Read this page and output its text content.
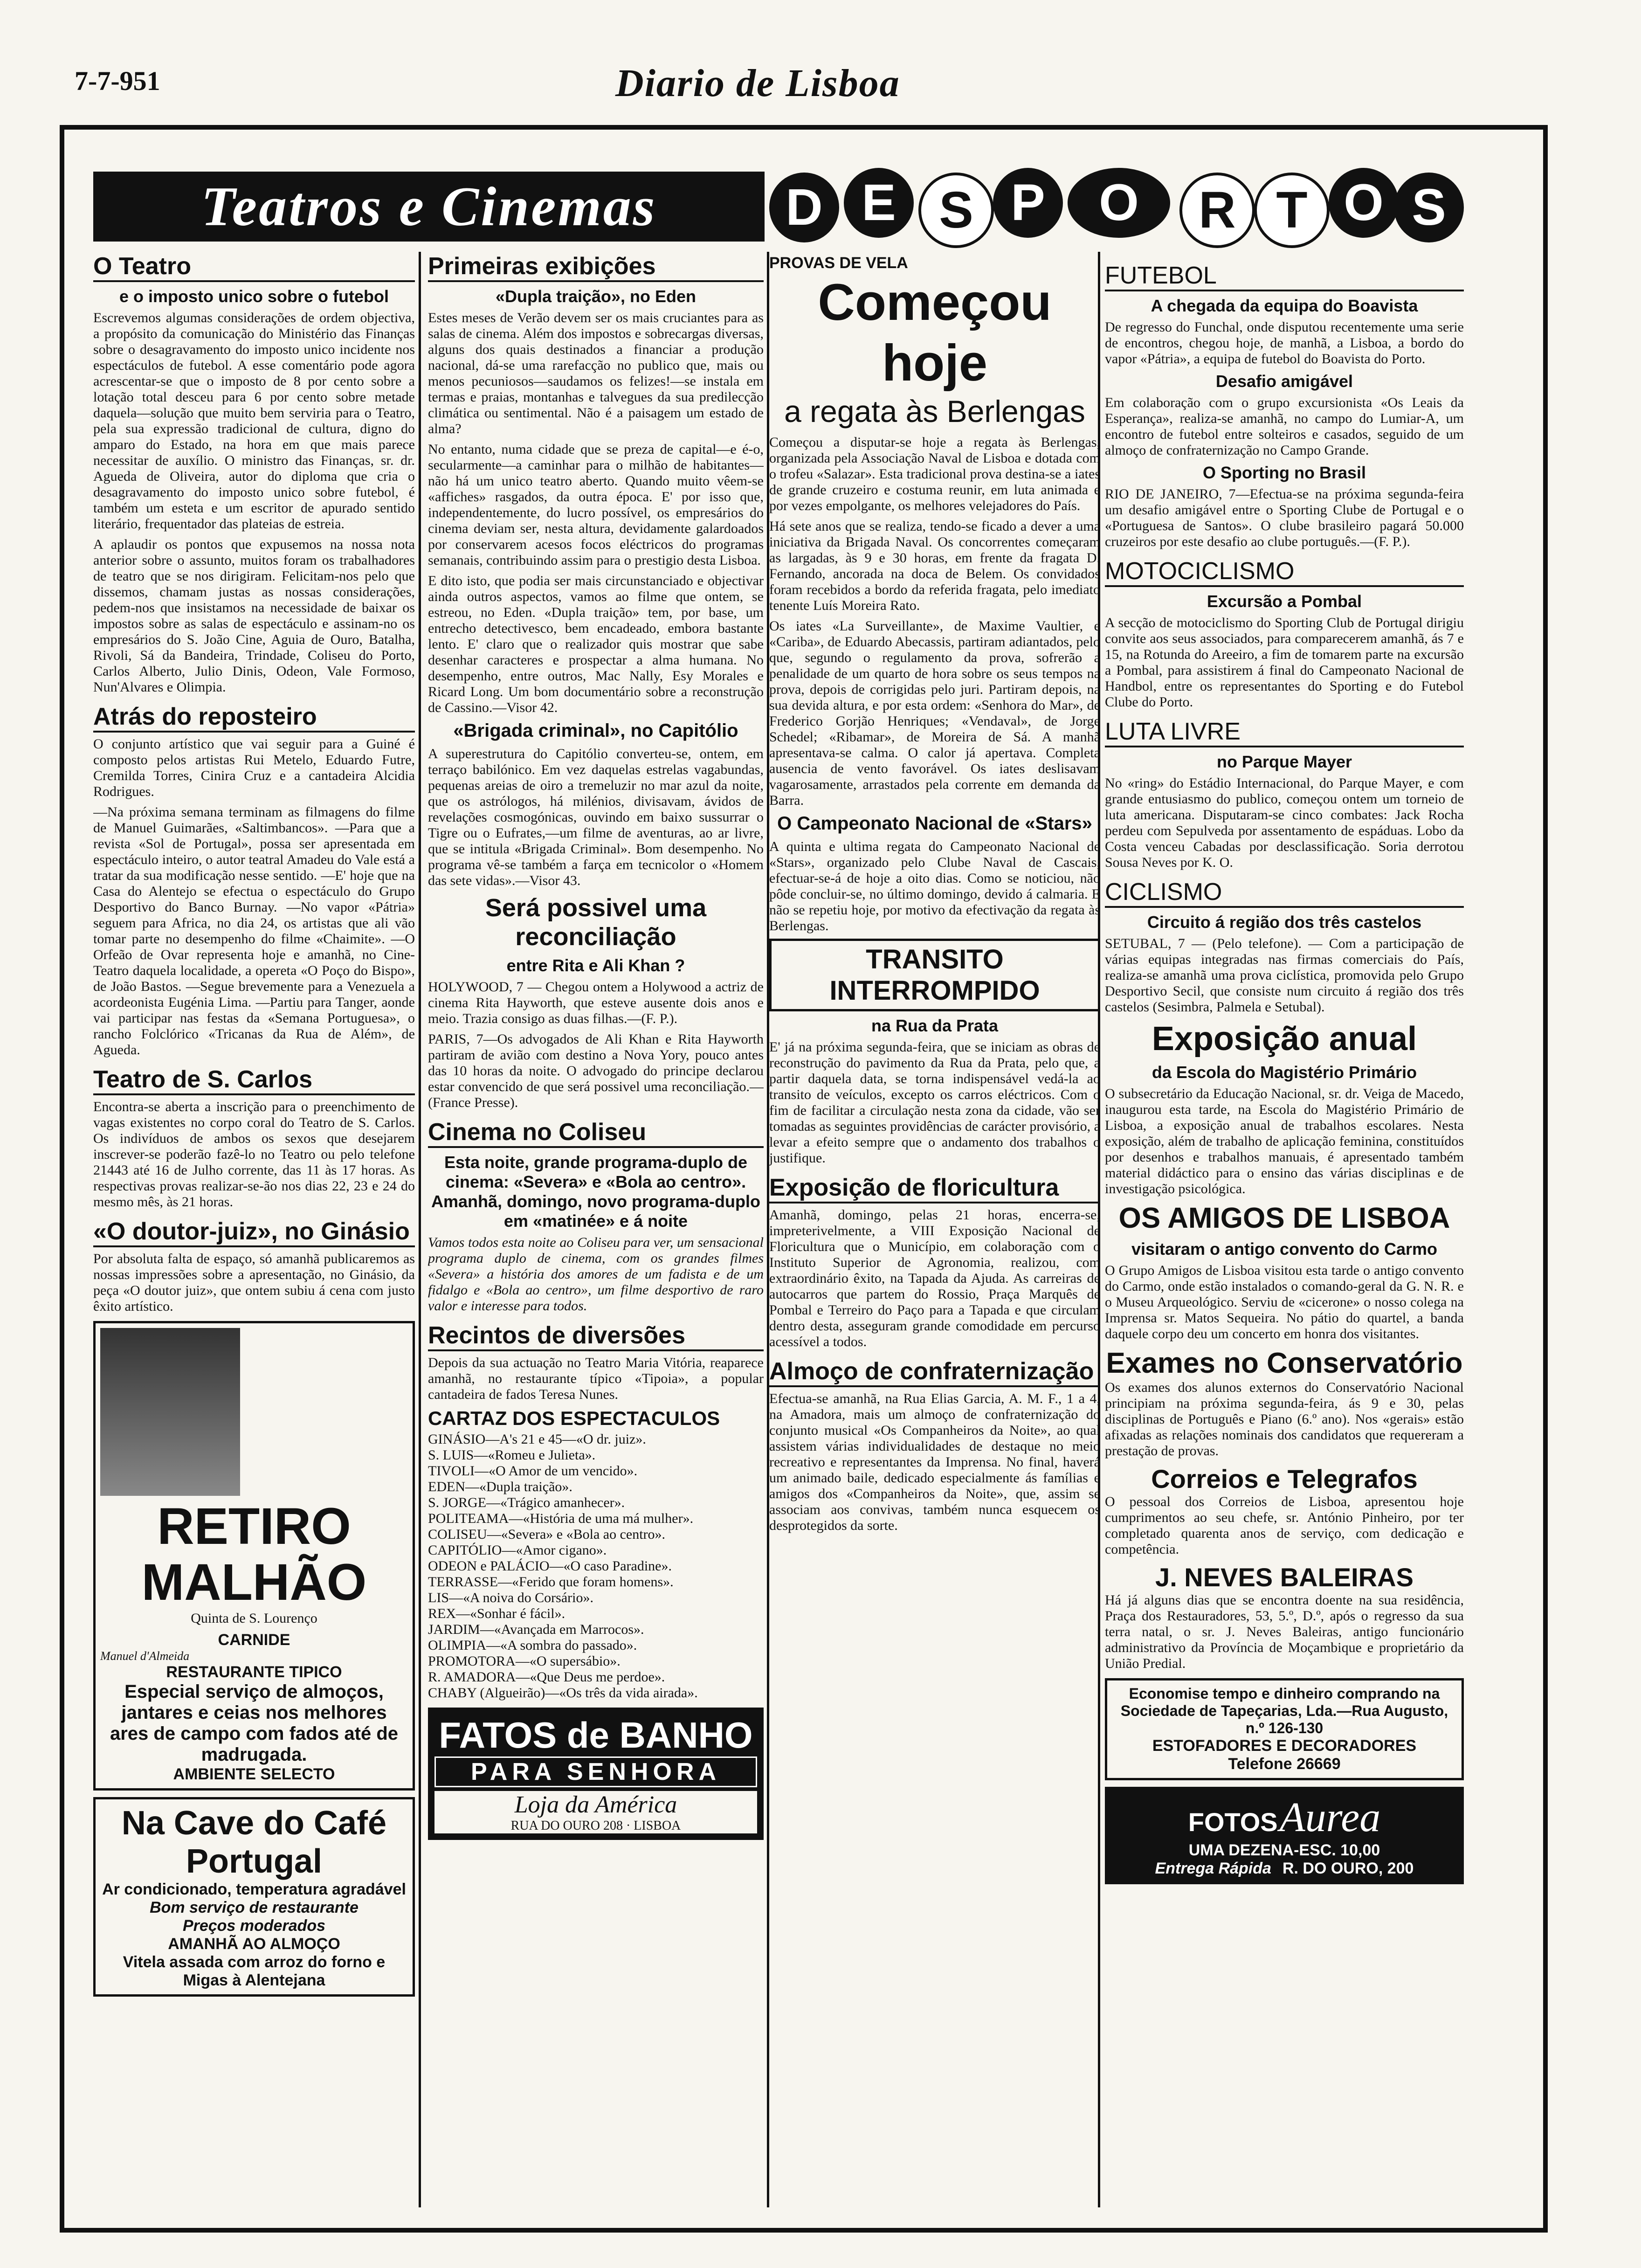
7-7-951	Diario de Lisboa
Teatros e Cinemas	D E S P	O	R T O S
O Teatro
e o imposto unico sobre o futebol

Escrevemos algumas considerações de ordem objectiva, a propósito da comunicação do Ministério das Finanças sobre o desagravamento do imposto unico incidente nos espectáculos de futebol. A esse comentário pode agora acrescentar-se que o imposto de 8 por cento sobre a lotação total desceu para 6 por cento sobre metade daquela—solução que muito bem serviria para o Teatro, pela sua expressão tradicional de cultura, digno do amparo do Estado, na hora em que mais parece necessitar de auxílio. O ministro das Finanças, sr. dr. Agueda de Oliveira, autor do diploma que cria o desagravamento do imposto unico sobre futebol, é também um esteta e um escritor de apurado sentido literário, frequentador das plateias de estreia.

A aplaudir os pontos que expusemos na nossa nota anterior sobre o assunto, muitos foram os trabalhadores de teatro que se nos dirigiram. Felicitam-nos pelo que dissemos, chamam justas as nossas considerações, pedem-nos que insistamos na necessidade de baixar os impostos sobre as salas de espectáculo e assinam-no os empresários do S. João Cine, Aguia de Ouro, Batalha, Rivoli, Sá da Bandeira, Trindade, Coliseu do Porto, Carlos Alberto, Julio Dinis, Odeon, Vale Formoso, Nun'Alvares e Olimpia.

Atrás do reposteiro

O conjunto artístico que vai seguir para a Guiné é composto pelos artistas Rui Metelo, Eduardo Futre, Cremilda Torres, Cinira Cruz e a cantadeira Alcidia Rodrigues.

—Na próxima semana terminam as filmagens do filme de Manuel Guimarães, «Saltimbancos». —Para que a revista «Sol de Portugal», possa ser apresentada em espectáculo inteiro, o autor teatral Amadeu do Vale está a tratar da sua modificação nesse sentido. —E' hoje que na Casa do Alentejo se efectua o espectáculo do Grupo Desportivo do Banco Burnay. —No vapor «Pátria» seguem para Africa, no dia 24, os artistas que ali vão tomar parte no desempenho do filme «Chaimite». —O Orfeão de Ovar representa hoje e amanhã, no Cine-Teatro daquela localidade, a opereta «O Poço do Bispo», de João Bastos. —Segue brevemente para a Venezuela a acordeonista Eugénia Lima. —Partiu para Tanger, aonde vai participar nas festas da «Semana Portuguesa», o rancho Folclórico «Tricanas da Rua de Além», de Agueda.

Teatro de S. Carlos

Encontra-se aberta a inscrição para o preenchimento de vagas existentes no corpo coral do Teatro de S. Carlos. Os indivíduos de ambos os sexos que desejarem inscrever-se poderão fazê-lo no Teatro ou pelo telefone 21443 até 16 de Julho corrente, das 11 às 17 horas. As respectivas provas realizar-se-ão nos dias 22, 23 e 24 do mesmo mês, às 21 horas.

«O doutor-juiz», no Ginásio

Por absoluta falta de espaço, só amanhã publicaremos as nossas impressões sobre a apresentação, no Ginásio, da peça «O doutor juiz», que ontem subiu á cena com justo êxito artístico.

RETIRO
MALHÃO
Quinta de S. Lourenço
CARNIDE
Manuel d'Almeida
RESTAURANTE TIPICO
Especial serviço de almoços, jantares e ceias nos melhores ares de campo com fados até de madrugada.
AMBIENTE SELECTO
Na Cave do Café Portugal
Ar condicionado, temperatura agradável
Bom serviço de restaurante
Preços moderados
AMANHÃ AO ALMOÇO
Vitela assada com arroz do forno e Migas à Alentejana
Primeiras exibições
«Dupla traição», no Eden

Estes meses de Verão devem ser os mais cruciantes para as salas de cinema. Além dos impostos e sobrecargas diversas, alguns dos quais destinados a financiar a produção nacional, dá-se uma rarefacção no publico que, mais ou menos pecuniosos—saudamos os felizes!—se instala em termas e praias, montanhas e talvegues da sua predilecção climática ou sentimental. Não é a paisagem um estado de alma?

No entanto, numa cidade que se preza de capital—e é-o, secularmente—a caminhar para o milhão de habitantes—não há um unico teatro aberto. Quando muito vêem-se «affiches» rasgados, da outra época. E' por isso que, independentemente, do lucro possível, os empresários do cinema deviam ser, nesta altura, devidamente galardoados por conservarem acesos focos eléctricos do programas semanais, contribuindo assim para o prestigio desta Lisboa.

E dito isto, que podia ser mais circunstanciado e objectivar ainda outros aspectos, vamos ao filme que ontem, se estreou, no Eden. «Dupla traição» tem, por base, um entrecho detectivesco, bem encadeado, embora bastante lento. E' claro que o realizador quis mostrar que sabe desenhar caracteres e prospectar a alma humana. No desempenho, entre outros, Mac Nally, Esy Morales e Ricard Long. Um bom documentário sobre a reconstrução de Cassino.—Visor 42.

«Brigada criminal», no Capitólio

A superestrutura do Capitólio converteu-se, ontem, em terraço babilónico. Em vez daquelas estrelas vagabundas, pequenas areias de oiro a tremeluzir no mar azul da noite, que os astrólogos, há milénios, divisavam, ávidos de revelações cosmogónicas, ouvindo em baixo sussurrar o Tigre ou o Eufrates,—um filme de aventuras, ao ar livre, que se intitula «Brigada Criminal». Bom desempenho. No programa vê-se também a farça em tecnicolor o «Homem das sete vidas».—Visor 43.

Será possivel uma reconciliação
entre Rita e Ali Khan ?

HOLYWOOD, 7 — Chegou ontem a Holywood a actriz de cinema Rita Hayworth, que esteve ausente dois anos e meio. Trazia consigo as duas filhas.—(F. P.).

PARIS, 7—Os advogados de Ali Khan e Rita Hayworth partiram de avião com destino a Nova Yory, pouco antes das 10 horas da noite. O advogado do principe declarou estar convencido de que será possivel uma reconciliação.—(France Presse).

Cinema no Coliseu
Esta noite, grande programa-duplo de cinema: «Severa» e «Bola ao centro». Amanhã, domingo, novo programa-duplo em «matinée» e á noite

Vamos todos esta noite ao Coliseu para ver, um sensacional programa duplo de cinema, com os grandes filmes «Severa» a história dos amores de um fadista e de um fidalgo e «Bola ao centro», um filme desportivo de raro valor e interesse para todos.

Recintos de diversões

Depois da sua actuação no Teatro Maria Vitória, reaparece amanhã, no restaurante típico «Tipoia», a popular cantadeira de fados Teresa Nunes.

CARTAZ DOS ESPECTACULOS
GINÁSIO—A's 21 e 45—«O dr. juiz».
S. LUIS—«Romeu e Julieta».
TIVOLI—«O Amor de um vencido».
EDEN—«Dupla traição».
S. JORGE—«Trágico amanhecer».
POLITEAMA—«História de uma má mulher».
COLISEU—«Severa» e «Bola ao centro».
CAPITÓLIO—«Amor cigano».
ODEON e PALÁCIO—«O caso Paradine».
TERRASSE—«Ferido que foram homens».
LIS—«A noiva do Corsário».
REX—«Sonhar é fácil».
JARDIM—«Avançada em Marrocos».
OLIMPIA—«A sombra do passado».
PROMOTORA—«O supersábio».
R. AMADORA—«Que Deus me perdoe».
CHABY (Algueirão)—«Os três da vida airada».
FATOS de BANHO
PARA SENHORA
Loja da América
RUA DO OURO 208 · LISBOA
PROVAS DE VELA
Começou hoje
a regata às Berlengas

Começou a disputar-se hoje a regata às Berlengas, organizada pela Associação Naval de Lisboa e dotada com o trofeu «Salazar». Esta tradicional prova destina-se a iates de grande cruzeiro e costuma reunir, em luta animada e por vezes empolgante, os melhores velejadores do País.

Há sete anos que se realiza, tendo-se ficado a dever a uma iniciativa da Brigada Naval. Os concorrentes começaram as largadas, às 9 e 30 horas, em frente da fragata D. Fernando, ancorada na doca de Belem. Os convidados foram recebidos a bordo da referida fragata, pelo imediato tenente Luís Moreira Rato.

Os iates «La Surveillante», de Maxime Vaultier, e «Cariba», de Eduardo Abecassis, partiram adiantados, pelo que, segundo o regulamento da prova, sofrerão a penalidade de um quarto de hora sobre os seus tempos na prova, depois de corrigidas pelo juri. Partiram depois, na sua devida altura, e por esta ordem: «Senhora do Mar», de Frederico Gorjão Henriques; «Vendaval», de Jorge Schedel; «Ribamar», de Moreira de Sá. A manhã apresentava-se calma. O calor já apertava. Completa ausencia de vento favorável. Os iates deslisavam vagarosamente, arrastados pela corrente em demanda da Barra.

O Campeonato Nacional de «Stars»

A quinta e ultima regata do Campeonato Nacional de «Stars», organizado pelo Clube Naval de Cascais, efectuar-se-á de hoje a oito dias. Como se noticiou, não pôde concluir-se, no último domingo, devido á calmaria. E não se repetiu hoje, por motivo da efectivação da regata às Berlengas.

TRANSITO INTERROMPIDO
na Rua da Prata

E' já na próxima segunda-feira, que se iniciam as obras de reconstrução do pavimento da Rua da Prata, pelo que, a partir daquela data, se torna indispensável vedá-la ao transito de veículos, excepto os carros eléctricos. Com o fim de facilitar a circulação nesta zona da cidade, vão ser tomadas as seguintes providências de carácter provisório, a levar a efeito sempre que o andamento dos trabalhos o justifique.

Exposição de floricultura

Amanhã, domingo, pelas 21 horas, encerra-se, impreterivelmente, a VIII Exposição Nacional de Floricultura que o Município, em colaboração com o Instituto Superior de Agronomia, realizou, com extraordinário êxito, na Tapada da Ajuda. As carreiras de autocarros que partem do Rossio, Praça Marquês de Pombal e Terreiro do Paço para a Tapada e que circulam dentro desta, asseguram grande comodidade em percurso acessível a todos.

Almoço de confraternização

Efectua-se amanhã, na Rua Elias Garcia, A. M. F., 1 a 4, na Amadora, mais um almoço de confraternização do conjunto musical «Os Companheiros da Noite», ao qual assistem várias individualidades de destaque no meio recreativo e representantes da Imprensa. No final, haverá um animado baile, dedicado especialmente ás famílias e amigos dos «Companheiros da Noite», que, assim se associam aos convivas, também nunca esquecem os desprotegidos da sorte.

FUTEBOL
A chegada da equipa do Boavista

De regresso do Funchal, onde disputou recentemente uma serie de encontros, chegou hoje, de manhã, a Lisboa, a bordo do vapor «Pátria», a equipa de futebol do Boavista do Porto.

Desafio amigável

Em colaboração com o grupo excursionista «Os Leais da Esperança», realiza-se amanhã, no campo do Lumiar-A, um encontro de futebol entre solteiros e casados, seguido de um almoço de confraternização no Campo Grande.

O Sporting no Brasil

RIO DE JANEIRO, 7—Efectua-se na próxima segunda-feira um desafio amigável entre o Sporting Clube de Portugal e o «Portuguesa de Santos». O clube brasileiro pagará 50.000 cruzeiros por este desafio ao clube português.—(F. P.).

MOTOCICLISMO
Excursão a Pombal

A secção de motociclismo do Sporting Club de Portugal dirigiu convite aos seus associados, para comparecerem amanhã, ás 7 e 15, na Rotunda do Areeiro, a fim de tomarem parte na excursão a Pombal, para assistirem á final do Campeonato Nacional de Handbol, entre os representantes do Sporting e do Futebol Clube do Porto.

LUTA LIVRE
no Parque Mayer

No «ring» do Estádio Internacional, do Parque Mayer, e com grande entusiasmo do publico, começou ontem um torneio de luta americana. Disputaram-se cinco combates: Jack Rocha perdeu com Sepulveda por assentamento de espáduas. Lobo da Costa venceu Cabadas por desclassificação. Soria derrotou Sousa Neves por K. O.

CICLISMO
Circuito á região dos três castelos

SETUBAL, 7 — (Pelo telefone). — Com a participação de várias equipas integradas nas firmas comerciais do País, realiza-se amanhã uma prova ciclística, promovida pelo Grupo Desportivo Secil, que consiste num circuito á região dos três castelos (Sesimbra, Palmela e Setubal).

Exposição anual
da Escola do Magistério Primário

O subsecretário da Educação Nacional, sr. dr. Veiga de Macedo, inaugurou esta tarde, na Escola do Magistério Primário de Lisboa, a exposição anual de trabalhos escolares. Nesta exposição, além de trabalho de aplicação feminina, constituídos por desenhos e trabalhos manuais, é apresentado também material didáctico para o ensino das várias disciplinas e de investigação psicológica.

OS AMIGOS DE LISBOA
visitaram o antigo convento do Carmo

O Grupo Amigos de Lisboa visitou esta tarde o antigo convento do Carmo, onde estão instalados o comando-geral da G. N. R. e o Museu Arqueológico. Serviu de «cicerone» o nosso colega na Imprensa sr. Matos Sequeira. No pátio do quartel, a banda daquele corpo deu um concerto em honra dos visitantes.

Exames no Conservatório

Os exames dos alunos externos do Conservatório Nacional principiam na próxima segunda-feira, ás 9 e 30, pelas disciplinas de Português e Piano (6.º ano). Nos «gerais» estão afixadas as relações nominais dos candidatos que requereram a prestação de provas.

Correios e Telegrafos

O pessoal dos Correios de Lisboa, apresentou hoje cumprimentos ao seu chefe, sr. António Pinheiro, por ter completado quarenta anos de serviço, com dedicação e competência.

J. NEVES BALEIRAS

Há já alguns dias que se encontra doente na sua residência, Praça dos Restauradores, 53, 5.º, D.º, após o regresso da sua terra natal, o sr. J. Neves Baleiras, antigo funcionário administrativo da Província de Moçambique e proprietário da União Predial.

Economise tempo e dinheiro comprando na Sociedade de Tapeçarias, Lda.—Rua Augusto, n.º 126-130
ESTOFADORES E DECORADORES
Telefone 26669
FOTOS Aurea
UMA DEZENA-ESC. 10,00
Entrega Rápida R. DO OURO, 200
